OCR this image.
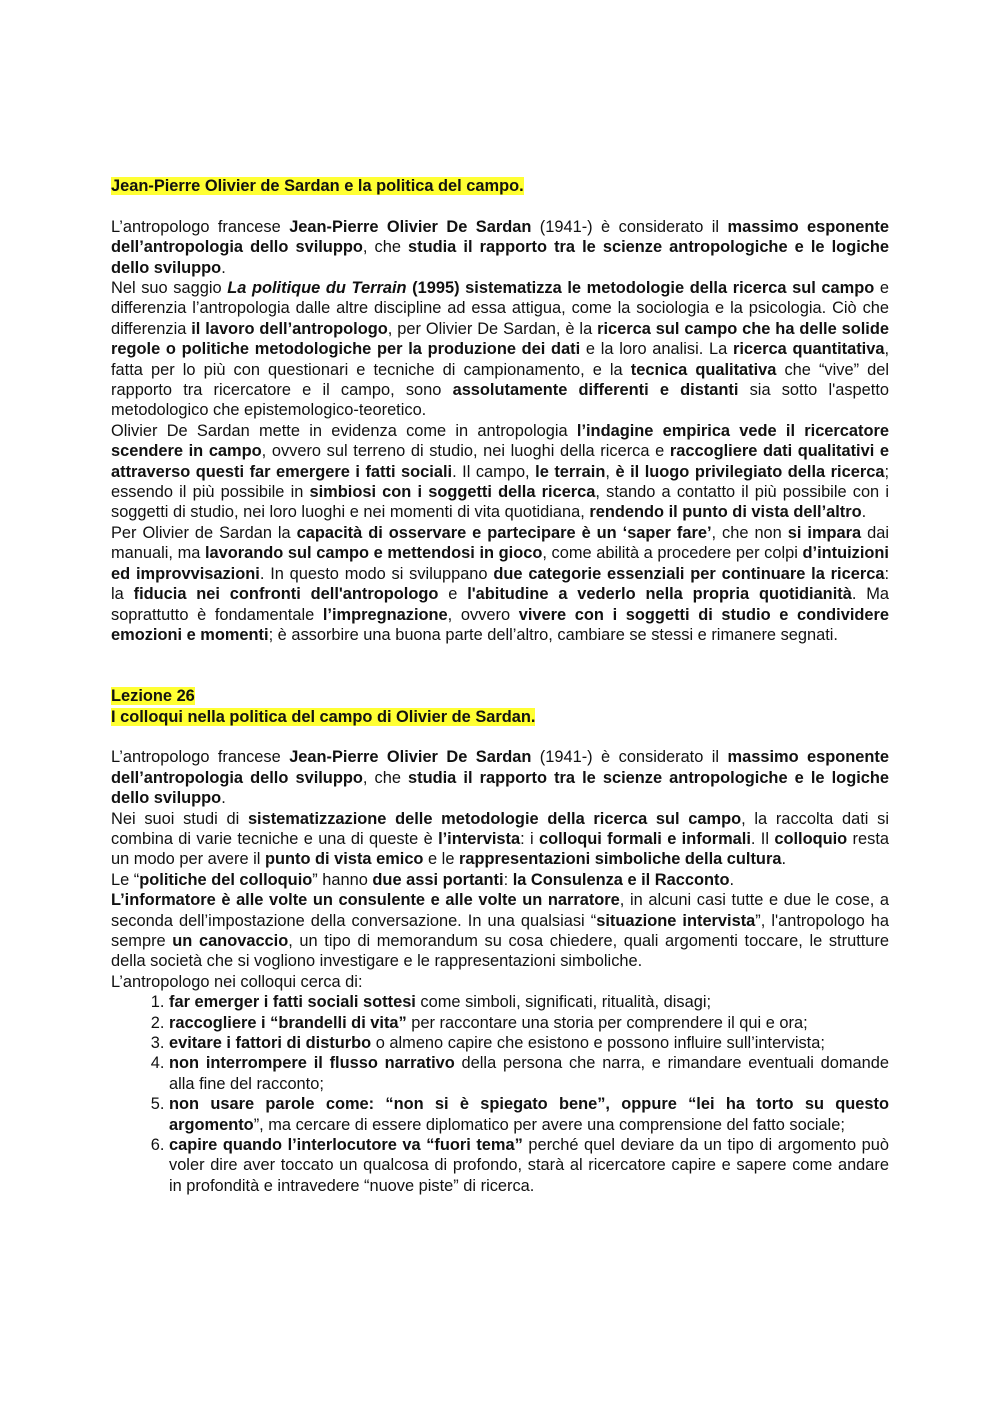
Jean-Pierre Olivier de Sardan e la politica del campo.

L’antropologo francese Jean-Pierre Olivier De Sardan (1941-) è considerato il massimo esponente dell’antropologia dello sviluppo, che studia il rapporto tra le scienze antropologiche e le logiche dello sviluppo.

Nel suo saggio La politique du Terrain (1995) sistematizza le metodologie della ricerca sul campo e differenzia l’antropologia dalle altre discipline ad essa attigua, come la sociologia e la psicologia. Ciò che differenzia il lavoro dell’antropologo, per Olivier De Sardan, è la ricerca sul campo che ha delle solide regole o politiche metodologiche per la produzione dei dati e la loro analisi. La ricerca quantitativa, fatta per lo più con questionari e tecniche di campionamento, e la tecnica qualitativa che “vive” del rapporto tra ricercatore e il campo, sono assolutamente differenti e distanti sia sotto l'aspetto metodologico che epistemologico-teoretico.

Olivier De Sardan mette in evidenza come in antropologia l’indagine empirica vede il ricercatore scendere in campo, ovvero sul terreno di studio, nei luoghi della ricerca e raccogliere dati qualitativi e attraverso questi far emergere i fatti sociali. Il campo, le terrain, è il luogo privilegiato della ricerca; essendo il più possibile in simbiosi con i soggetti della ricerca, stando a contatto il più possibile con i soggetti di studio, nei loro luoghi e nei momenti di vita quotidiana, rendendo il punto di vista dell’altro.

Per Olivier de Sardan la capacità di osservare e partecipare è un ‘saper fare’, che non si impara dai manuali, ma lavorando sul campo e mettendosi in gioco, come abilità a procedere per colpi d’intuizioni ed improvvisazioni. In questo modo si sviluppano due categorie essenziali per continuare la ricerca: la fiducia nei confronti dell'antropologo e l'abitudine a vederlo nella propria quotidianità. Ma soprattutto è fondamentale l’impregnazione, ovvero vivere con i soggetti di studio e condividere emozioni e momenti; è assorbire una buona parte dell’altro, cambiare se stessi e rimanere segnati.

Lezione 26
I colloqui nella politica del campo di Olivier de Sardan.

L’antropologo francese Jean-Pierre Olivier De Sardan (1941-) è considerato il massimo esponente dell’antropologia dello sviluppo, che studia il rapporto tra le scienze antropologiche e le logiche dello sviluppo.

Nei suoi studi di sistematizzazione delle metodologie della ricerca sul campo, la raccolta dati si combina di varie tecniche e una di queste è l’intervista: i colloqui formali e informali. Il colloquio resta un modo per avere il punto di vista emico e le rappresentazioni simboliche della cultura.

Le “politiche del colloquio” hanno due assi portanti: la Consulenza e il Racconto.

L’informatore è alle volte un consulente e alle volte un narratore, in alcuni casi tutte e due le cose, a seconda dell’impostazione della conversazione. In una qualsiasi “situazione intervista”, l'antropologo ha sempre un canovaccio, un tipo di memorandum su cosa chiedere, quali argomenti toccare, le strutture della società che si vogliono investigare e le rappresentazioni simboliche.

L’antropologo nei colloqui cerca di:

1. far emerger i fatti sociali sottesi come simboli, significati, ritualità, disagi;
2. raccogliere i “brandelli di vita” per raccontare una storia per comprendere il qui e ora;
3. evitare i fattori di disturbo o almeno capire che esistono e possono influire sull’intervista;
4. non interrompere il flusso narrativo della persona che narra, e rimandare eventuali domande alla fine del racconto;
5. non usare parole come: “non si è spiegato bene”, oppure “lei ha torto su questo argomento”, ma cercare di essere diplomatico per avere una comprensione del fatto sociale;
6. capire quando l’interlocutore va “fuori tema” perché quel deviare da un tipo di argomento può voler dire aver toccato un qualcosa di profondo, starà al ricercatore capire e sapere come andare in profondità e intravedere “nuove piste” di ricerca.
